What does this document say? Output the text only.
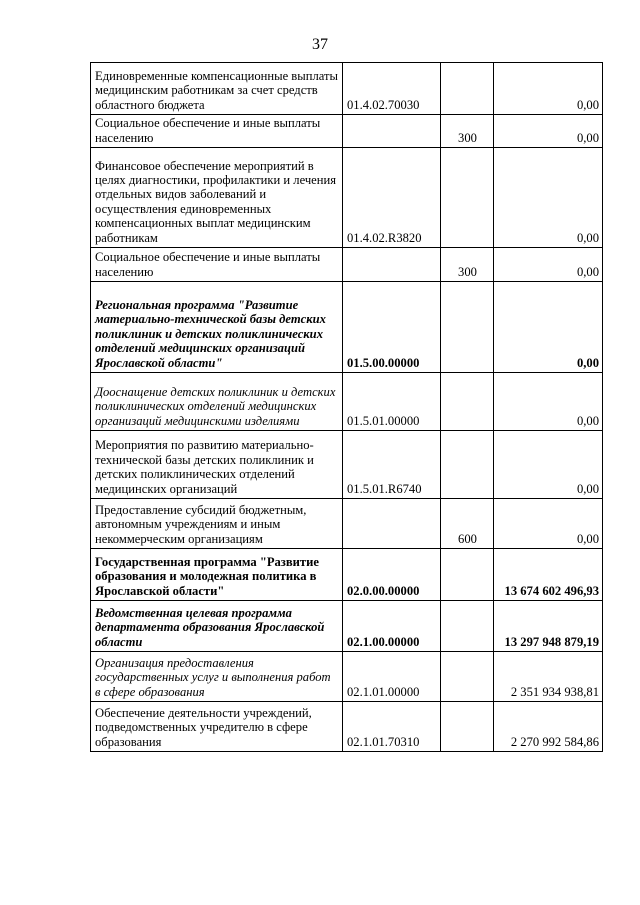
37
Единовременные компенсационные выплаты медицинским работникам за счет средств областного бюджета	01.4.02.70030		0,00
Социальное обеспечение и иные выплаты населению		300	0,00
Финансовое обеспечение мероприятий в целях диагностики, профилактики и лечения отдельных видов заболеваний и осуществления единовременных компенсационных выплат медицинским работникам	01.4.02.R3820		0,00
Социальное обеспечение и иные выплаты населению		300	0,00
Региональная программа "Развитие материально-технической базы детских поликлиник и детских поликлинических отделений медицинских организаций Ярославской области"	01.5.00.00000		0,00
Дооснащение детских поликлиник и детских поликлинических отделений медицинских организаций медицинскими изделиями	01.5.01.00000		0,00
Мероприятия по развитию материально-технической базы детских поликлиник и детских поликлинических отделений медицинских организаций	01.5.01.R6740		0,00
Предоставление субсидий бюджетным, автономным учреждениям и иным некоммерческим организациям		600	0,00
Государственная программа "Развитие образования и молодежная политика в Ярославской области"	02.0.00.00000		13 674 602 496,93
Ведомственная целевая программа департамента образования Ярославской области	02.1.00.00000		13 297 948 879,19
Организация предоставления государственных услуг и выполнения работ в сфере образования	02.1.01.00000		2 351 934 938,81
Обеспечение деятельности учреждений, подведомственных учредителю в сфере образования	02.1.01.70310		2 270 992 584,86
